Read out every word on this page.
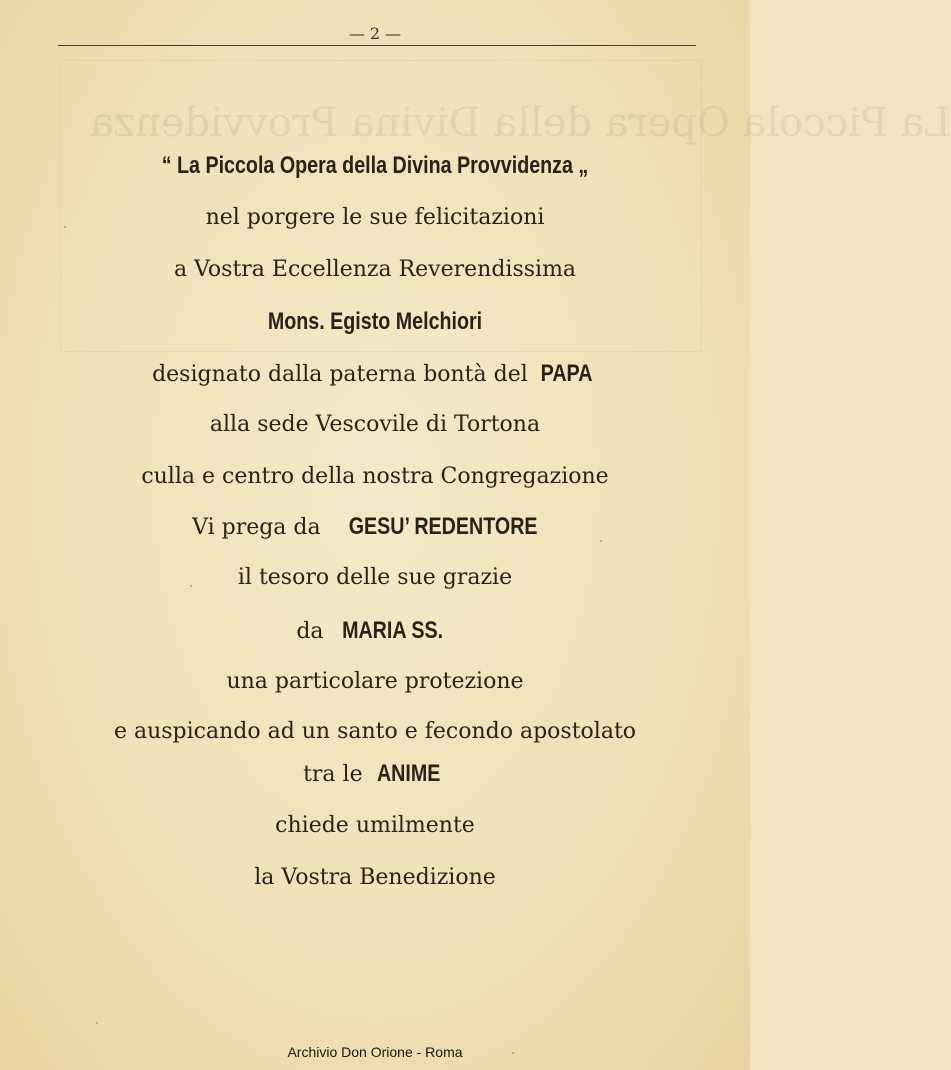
La Piccola Opera della Divina Provvidenza
— 2 —
“ La Piccola Opera della Divina Provvidenza „
nel porgere le sue felicitazioni
a Vostra Eccellenza Reverendissima
Mons. Egisto Melchiori
designato dalla paterna bontà del PAPA
alla sede Vescovile di Tortona
culla e centro della nostra Congregazione
Vi prega da GESU’ REDENTORE
il tesoro delle sue grazie
da MARIA SS.
una particolare protezione
e auspicando ad un santo e fecondo apostolato
tra le ANIME
chiede umilmente
la Vostra Benedizione
Archivio Don Orione - Roma
